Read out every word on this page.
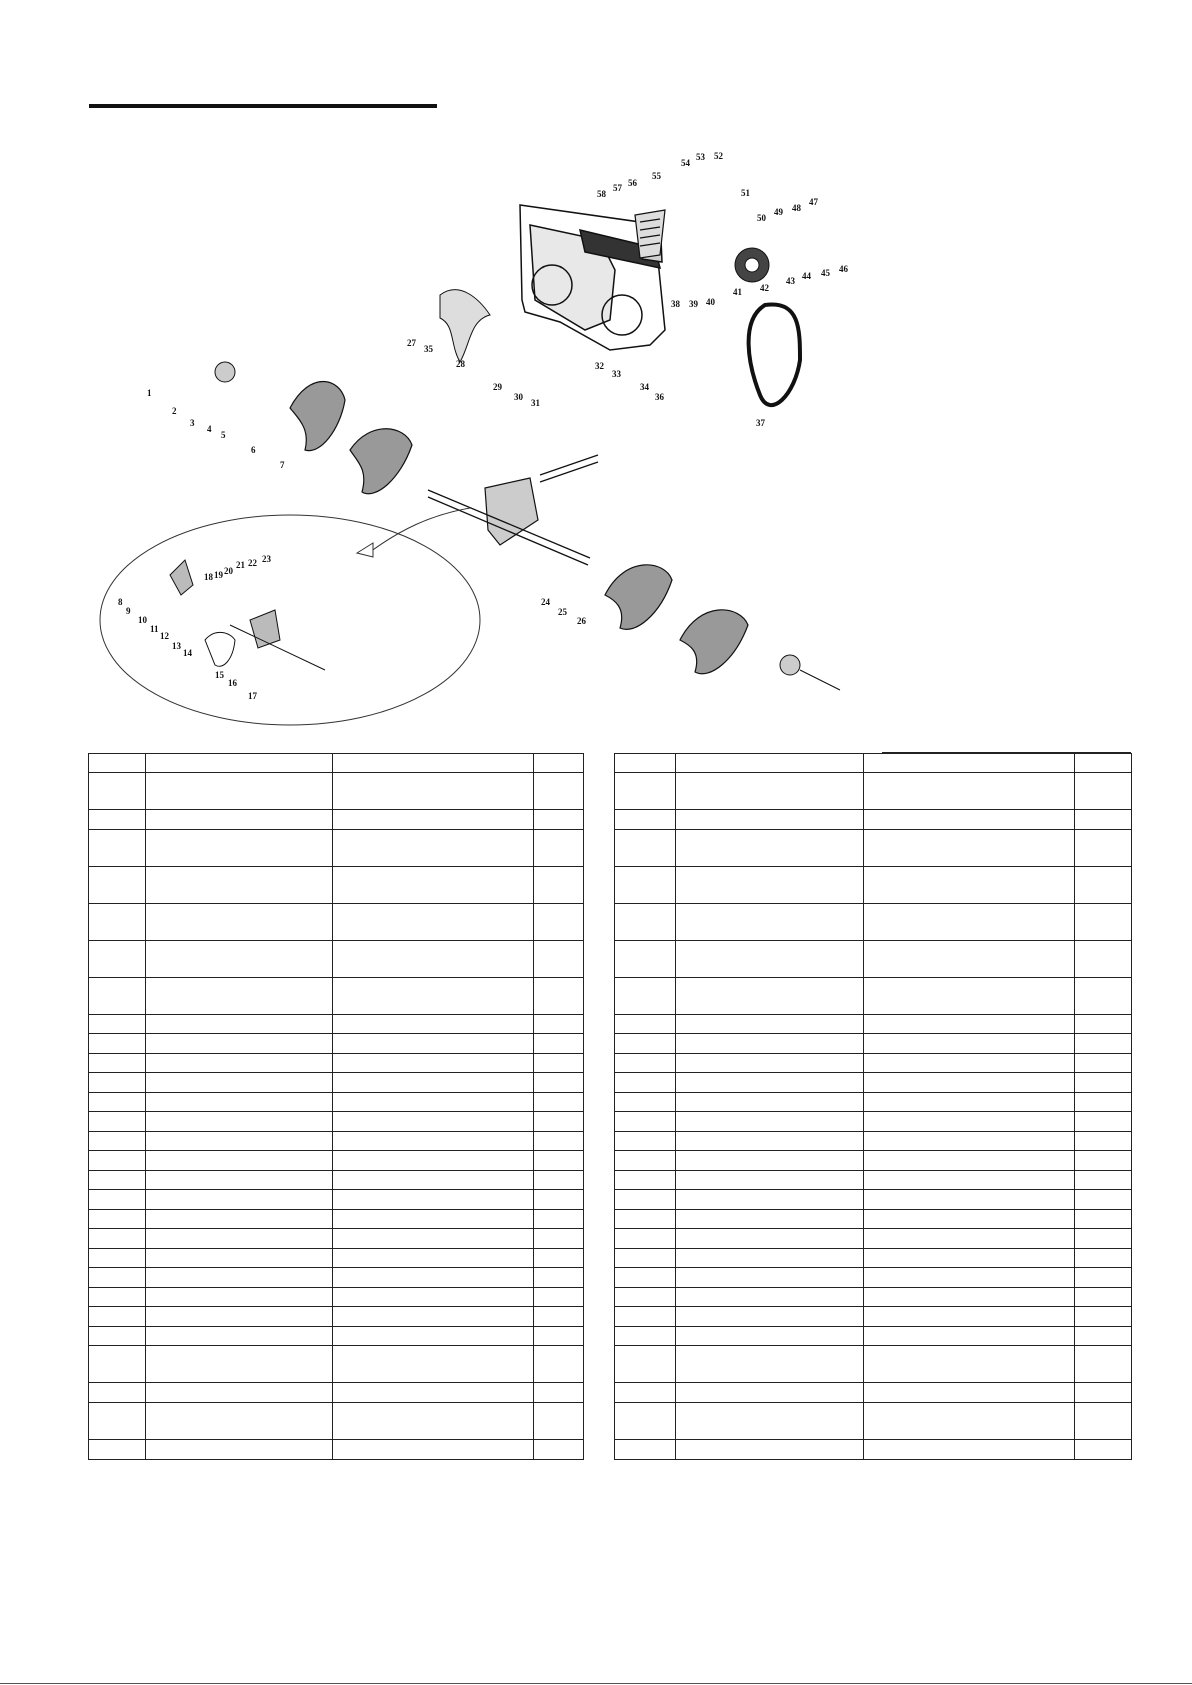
1
2
3
4
5
6
7
8
9
10
11
12
13
14
15
16
17
18 19 20
21 22 23
24
25
26
27
28
29
30
31
32
33
34
35
36
37
38 39 40
41 42
43 44 45 46
47
48
49
50
51
52
53
54
55
56
57
58
